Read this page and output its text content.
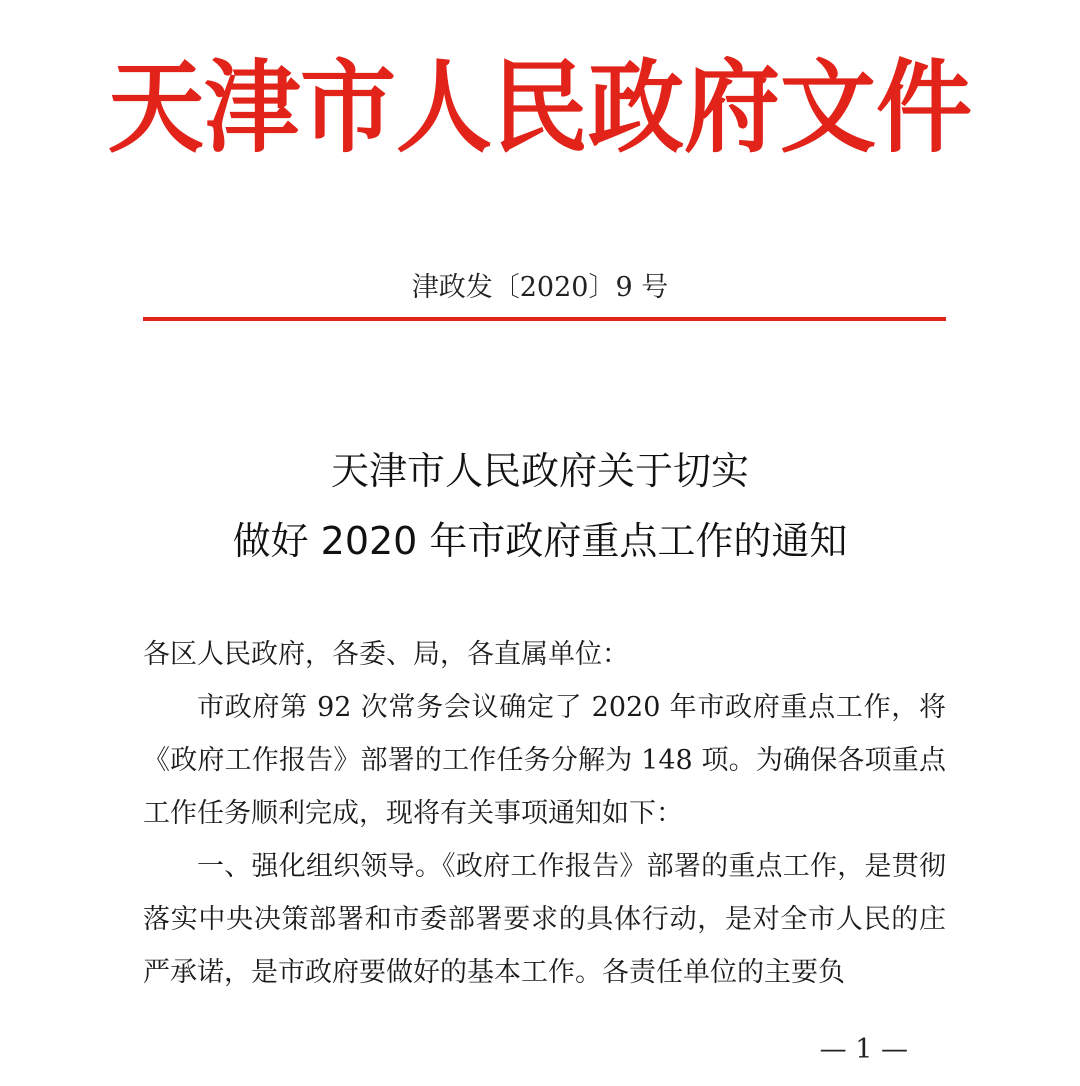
天津市人民政府文件
津政发〔2020〕9 号
天津市人民政府关于切实
做好 2020 年市政府重点工作的通知

各区人民政府，各委、局，各直属单位：

市政府第 92 次常务会议确定了 2020 年市政府重点工作，将《政府工作报告》部署的工作任务分解为 148 项。为确保各项重点工作任务顺利完成，现将有关事项通知如下：

一、强化组织领导。《政府工作报告》部署的重点工作，是贯彻落实中央决策部署和市委部署要求的具体行动，是对全市人民的庄严承诺，是市政府要做好的基本工作。各责任单位的主要负

— 1 —
